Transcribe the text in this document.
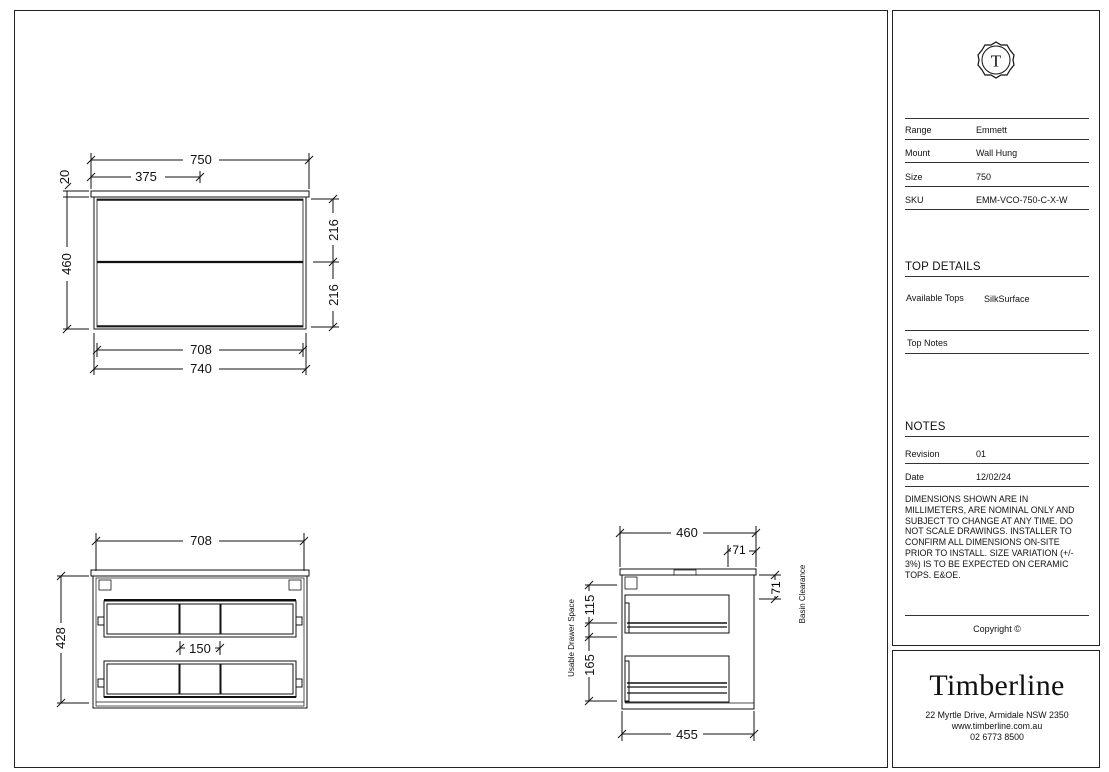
750
375
20
460
216
216
708
740
708
428	150
460
71
71
115
165
455
Usable Drawer Space
Basin Clearance
T
Range	Emmett
Mount	Wall Hung
Size	750
SKU	EMM-VCO-750-C-X-W
TOP DETAILS
Available Tops SilkSurface
Top Notes
NOTES
Revision	01
Date	12/02/24
DIMENSIONS SHOWN ARE IN MILLIMETERS, ARE NOMINAL ONLY AND SUBJECT TO CHANGE AT ANY TIME. DO NOT SCALE DRAWINGS. INSTALLER TO CONFIRM ALL DIMENSIONS ON-SITE PRIOR TO INSTALL. SIZE VARIATION (+/- 3%) IS TO BE EXPECTED ON CERAMIC TOPS. E&OE.
Copyright ©
Timberline
22 Myrtle Drive, Armidale NSW 2350
www.timberline.com.au
02 6773 8500
